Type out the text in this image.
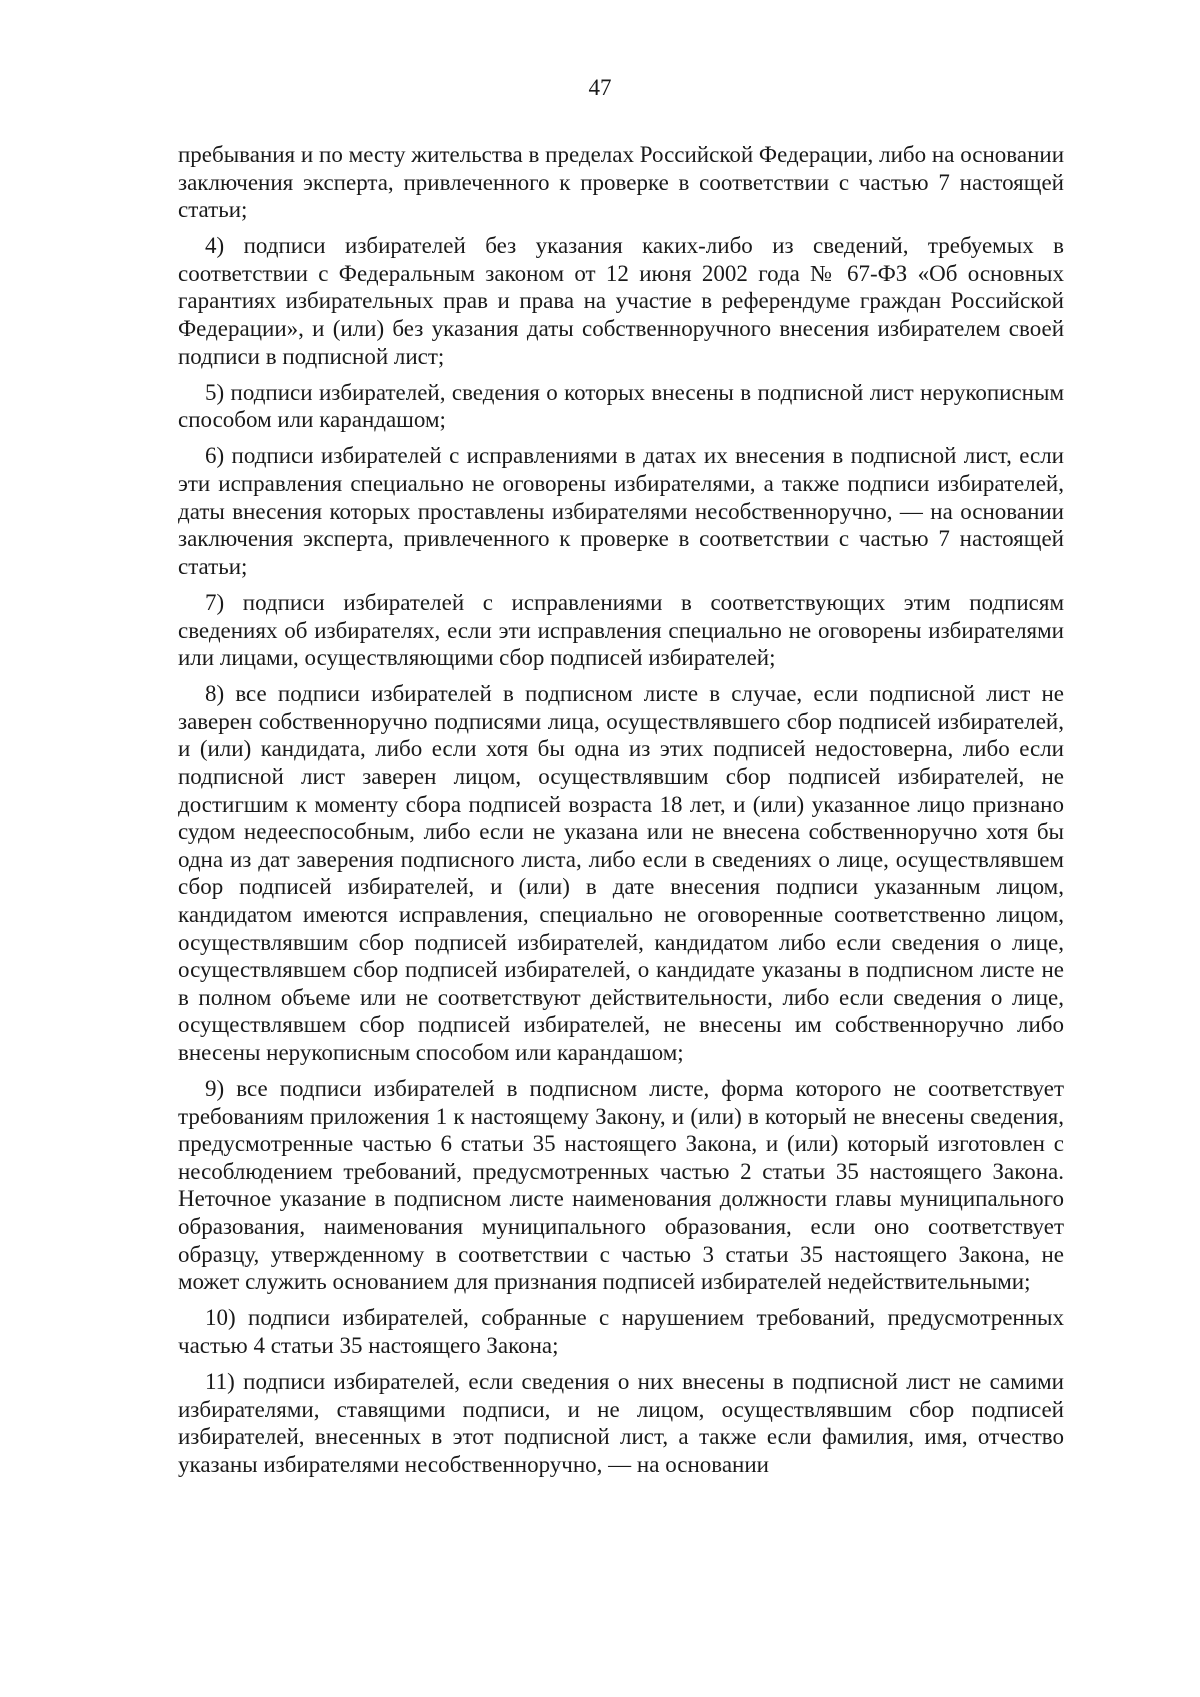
47

пребывания и по месту жительства в пределах Российской Федерации, либо на основании заключения эксперта, привлеченного к проверке в соответствии с частью 7 настоящей статьи;

4) подписи избирателей без указания каких-либо из сведений, требуемых в соответствии с Федеральным законом от 12 июня 2002 года № 67-ФЗ «Об основных гарантиях избирательных прав и права на участие в референдуме граждан Российской Федерации», и (или) без указания даты собственноручного внесения избирателем своей подписи в подписной лист;

5) подписи избирателей, сведения о которых внесены в подписной лист нерукописным способом или карандашом;

6) подписи избирателей с исправлениями в датах их внесения в подписной лист, если эти исправления специально не оговорены избирателями, а также подписи избирателей, даты внесения которых проставлены избирателями несобственноручно, — на основании заключения эксперта, привлеченного к проверке в соответствии с частью 7 настоящей статьи;

7) подписи избирателей с исправлениями в соответствующих этим подписям сведениях об избирателях, если эти исправления специально не оговорены избирателями или лицами, осуществляющими сбор подписей избирателей;

8) все подписи избирателей в подписном листе в случае, если подписной лист не заверен собственноручно подписями лица, осуществлявшего сбор подписей избирателей, и (или) кандидата, либо если хотя бы одна из этих подписей недостоверна, либо если подписной лист заверен лицом, осуществлявшим сбор подписей избирателей, не достигшим к моменту сбора подписей возраста 18 лет, и (или) указанное лицо признано судом недееспособным, либо если не указана или не внесена собственноручно хотя бы одна из дат заверения подписного листа, либо если в сведениях о лице, осуществлявшем сбор подписей избирателей, и (или) в дате внесения подписи указанным лицом, кандидатом имеются исправления, специально не оговоренные соответственно лицом, осуществлявшим сбор подписей избирателей, кандидатом либо если сведения о лице, осуществлявшем сбор подписей избирателей, о кандидате указаны в подписном листе не в полном объеме или не соответствуют действительности, либо если сведения о лице, осуществлявшем сбор подписей избирателей, не внесены им собственноручно либо внесены нерукописным способом или карандашом;

9) все подписи избирателей в подписном листе, форма которого не соответствует требованиям приложения 1 к настоящему Закону, и (или) в который не внесены сведения, предусмотренные частью 6 статьи 35 настоящего Закона, и (или) который изготовлен с несоблюдением требований, предусмотренных частью 2 статьи 35 настоящего Закона. Неточное указание в подписном листе наименования должности главы муниципального образования, наименования муниципального образования, если оно соответствует образцу, утвержденному в соответствии с частью 3 статьи 35 настоящего Закона, не может служить основанием для признания подписей избирателей недействительными;

10) подписи избирателей, собранные с нарушением требований, предусмотренных частью 4 статьи 35 настоящего Закона;

11) подписи избирателей, если сведения о них внесены в подписной лист не самими избирателями, ставящими подписи, и не лицом, осуществлявшим сбор подписей избирателей, внесенных в этот подписной лист, а также если фамилия, имя, отчество указаны избирателями несобственноручно, — на основании
